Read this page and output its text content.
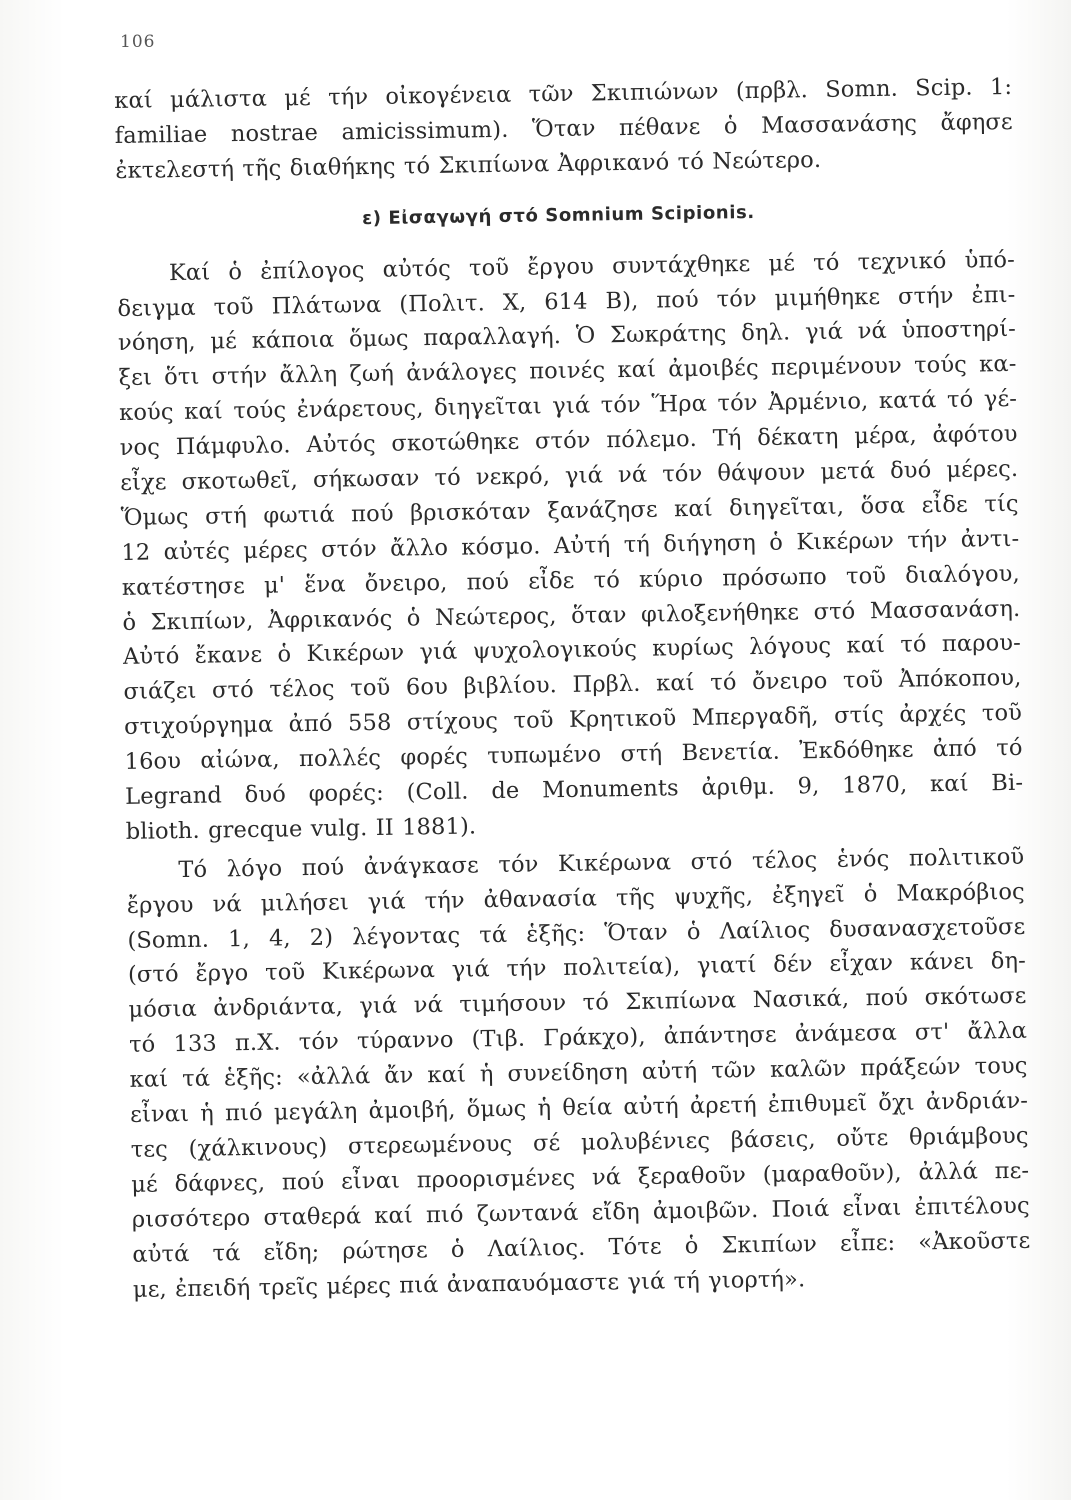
106
καί μάλιστα μέ τήν οἰκογένεια τῶν Σκιπιώνων (πρβλ. Somn. Scip. 1:
familiae nostrae amicissimum). Ὅταν πέθανε ὁ Μασσανάσης ἄφησε
ἐκτελεστή τῆς διαθήκης τό Σκιπίωνα Ἀφρικανό τό Νεώτερο.
ε) Εἰσαγωγή στό Somnium Scipionis.
Καί ὁ ἐπίλογος αὐτός τοῦ ἔργου συντάχθηκε μέ τό τεχνικό ὑπό-
δειγμα τοῦ Πλάτωνα (Πολιτ. X, 614 B), πού τόν μιμήθηκε στήν ἐπι-
νόηση, μέ κάποια ὅμως παραλλαγή. Ὁ Σωκράτης δηλ. γιά νά ὑποστηρί-
ξει ὅτι στήν ἄλλη ζωή ἀνάλογες ποινές καί ἀμοιβές περιμένουν τούς κα-
κούς καί τούς ἐνάρετους, διηγεῖται γιά τόν Ἥρα τόν Ἀρμένιο, κατά τό γέ-
νος Πάμφυλο. Αὐτός σκοτώθηκε στόν πόλεμο. Τή δέκατη μέρα, ἀφότου
εἶχε σκοτωθεῖ, σήκωσαν τό νεκρό, γιά νά τόν θάψουν μετά δυό μέρες.
Ὅμως στή φωτιά πού βρισκόταν ξανάζησε καί διηγεῖται, ὅσα εἶδε τίς
12 αὐτές μέρες στόν ἄλλο κόσμο. Αὐτή τή διήγηση ὁ Κικέρων τήν ἀντι-
κατέστησε μ' ἕνα ὄνειρο, πού εἶδε τό κύριο πρόσωπο τοῦ διαλόγου,
ὁ Σκιπίων, Ἀφρικανός ὁ Νεώτερος, ὅταν φιλοξενήθηκε στό Μασσανάση.
Αὐτό ἔκανε ὁ Κικέρων γιά ψυχολογικούς κυρίως λόγους καί τό παρου-
σιάζει στό τέλος τοῦ 6ου βιβλίου. Πρβλ. καί τό ὄνειρο τοῦ Ἀπόκοπου,
στιχούργημα ἀπό 558 στίχους τοῦ Κρητικοῦ Μπεργαδῆ, στίς ἀρχές τοῦ
16ου αἰώνα, πολλές φορές τυπωμένο στή Βενετία. Ἐκδόθηκε ἀπό τό
Legrand δυό φορές: (Coll. de Monuments ἀριθμ. 9, 1870, καί Bi-
blioth. grecque vulg. II 1881).
Τό λόγο πού ἀνάγκασε τόν Κικέρωνα στό τέλος ἑνός πολιτικοῦ
ἔργου νά μιλήσει γιά τήν ἀθανασία τῆς ψυχῆς, ἐξηγεῖ ὁ Μακρόβιος
(Somn. 1, 4, 2) λέγοντας τά ἑξῆς: Ὅταν ὁ Λαίλιος δυσανασχετοῦσε
(στό ἔργο τοῦ Κικέρωνα γιά τήν πολιτεία), γιατί δέν εἶχαν κάνει δη-
μόσια ἀνδριάντα, γιά νά τιμήσουν τό Σκιπίωνα Νασικά, πού σκότωσε
τό 133 π.Χ. τόν τύραννο (Τιβ. Γράκχο), ἀπάντησε ἀνάμεσα στ' ἄλλα
καί τά ἑξῆς: «ἀλλά ἄν καί ἡ συνείδηση αὐτή τῶν καλῶν πράξεών τους
εἶναι ἡ πιό μεγάλη ἀμοιβή, ὅμως ἡ θεία αὐτή ἀρετή ἐπιθυμεῖ ὄχι ἀνδριάν-
τες (χάλκινους) στερεωμένους σέ μολυβένιες βάσεις, οὔτε θριάμβους
μέ δάφνες, πού εἶναι προορισμένες νά ξεραθοῦν (μαραθοῦν), ἀλλά πε-
ρισσότερο σταθερά καί πιό ζωντανά εἴδη ἀμοιβῶν. Ποιά εἶναι ἐπιτέλους
αὐτά τά εἴδη; ρώτησε ὁ Λαίλιος. Τότε ὁ Σκιπίων εἶπε: «Ἀκοῦστε
με, ἐπειδή τρεῖς μέρες πιά ἀναπαυόμαστε γιά τή γιορτή».
